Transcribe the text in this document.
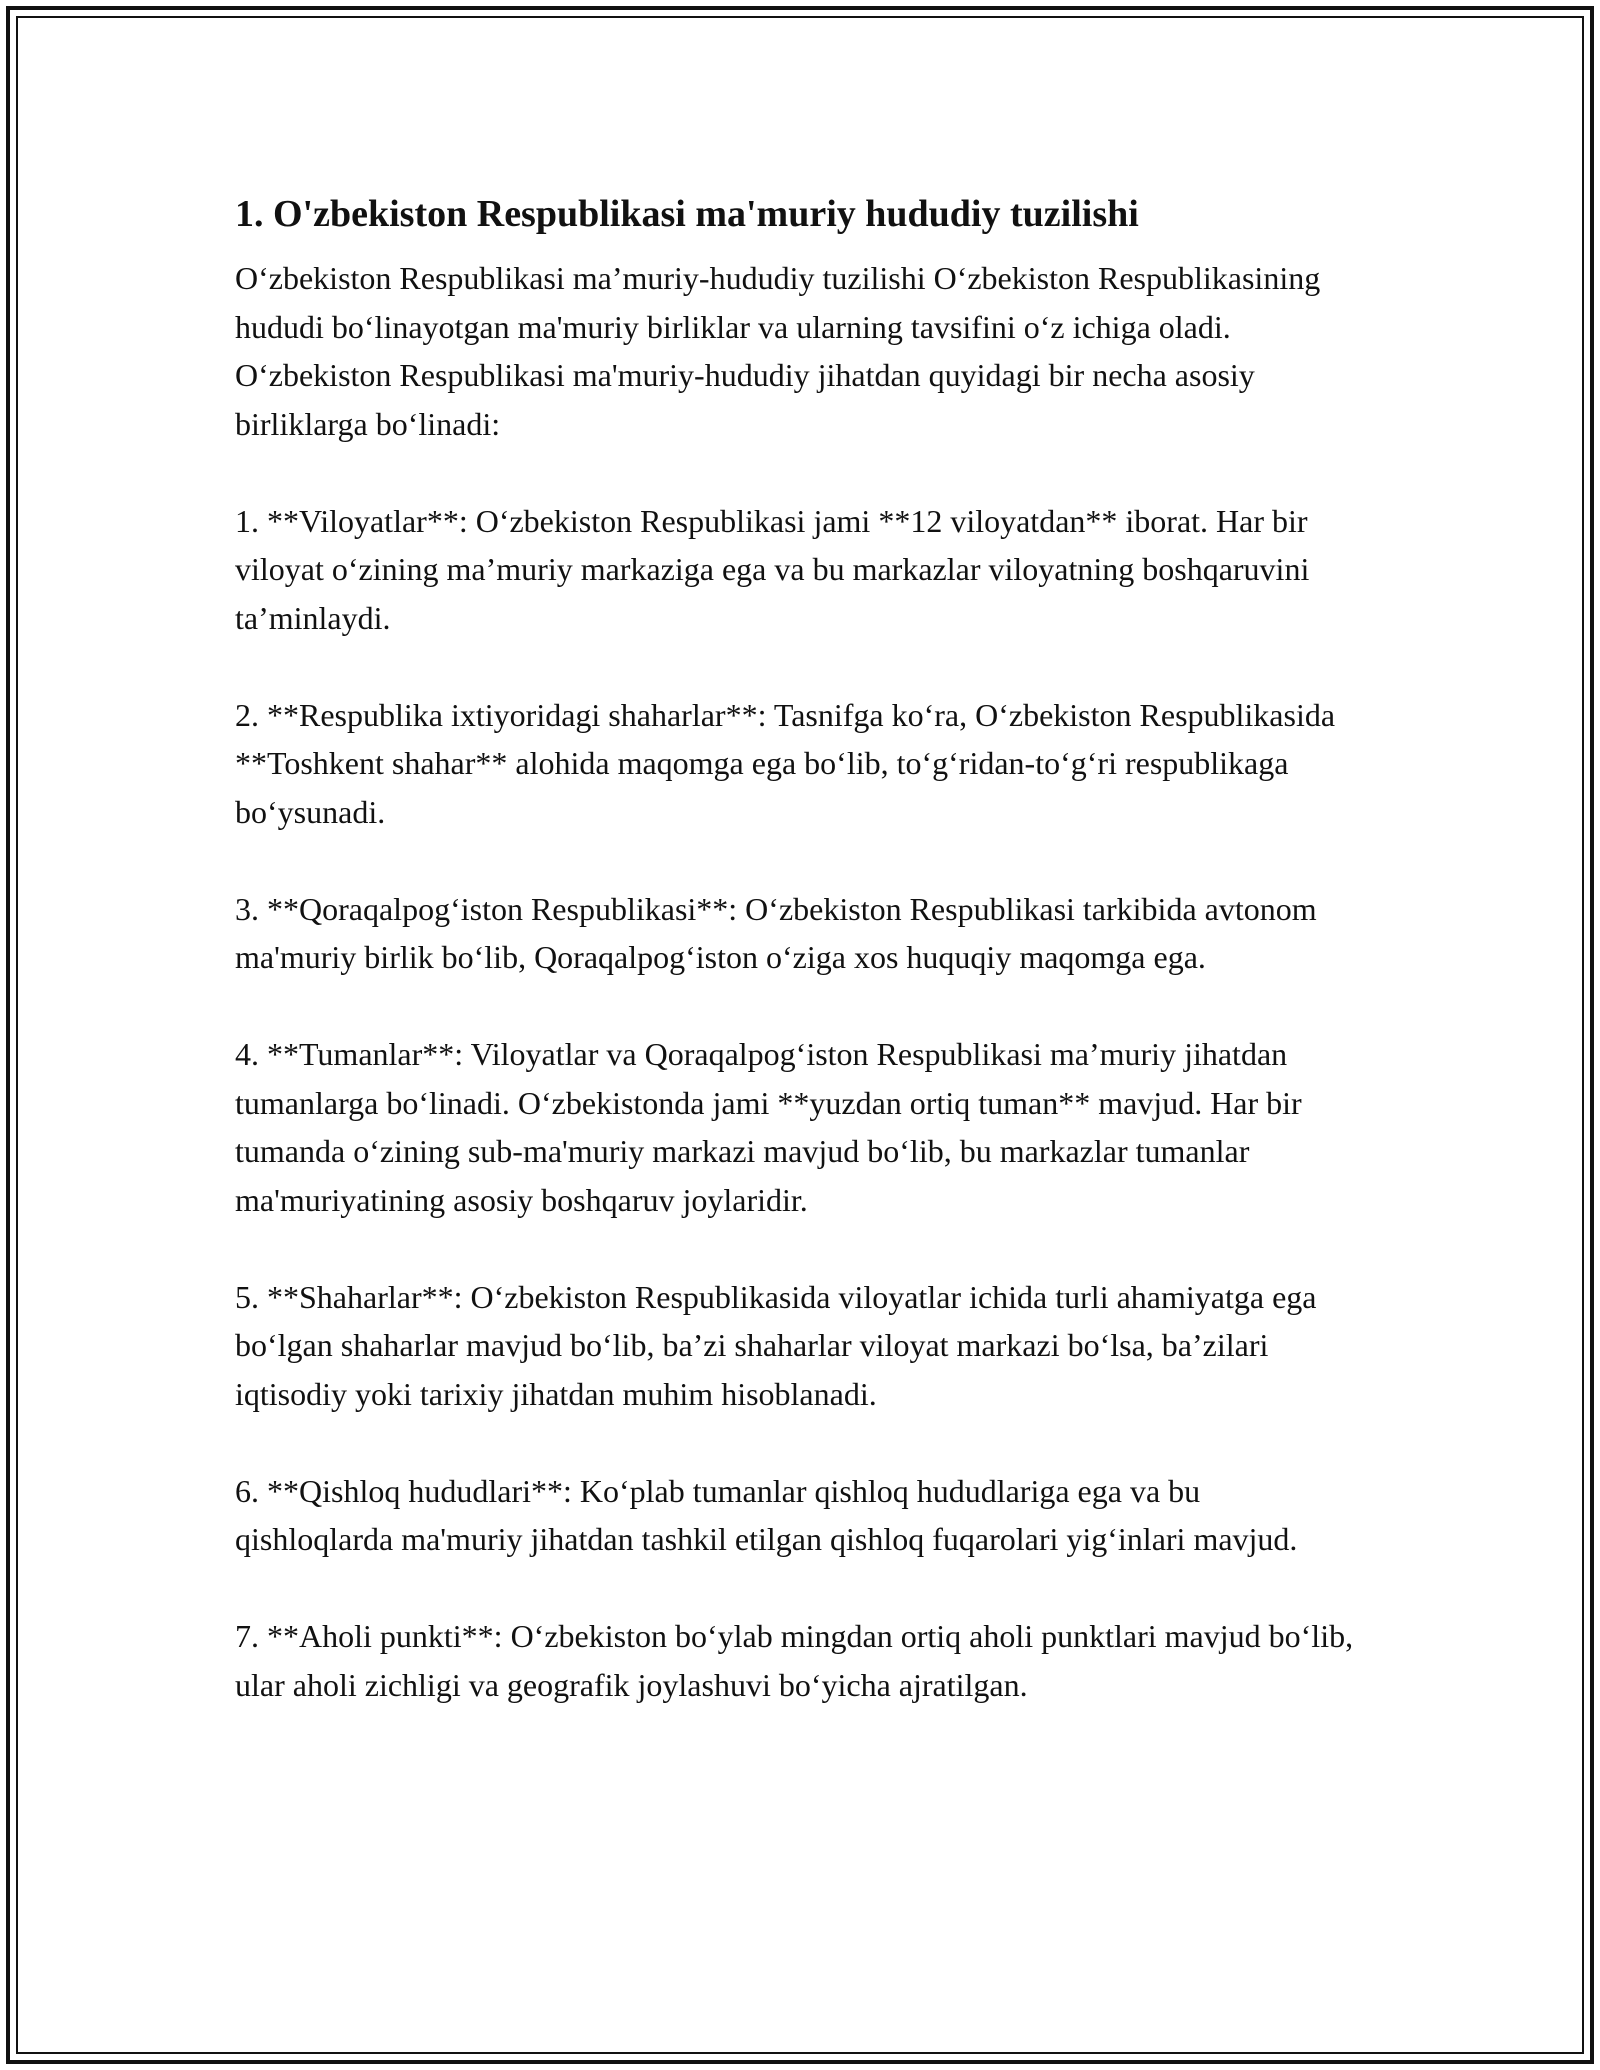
1. O'zbekiston Respublikasi ma'muriy hududiy tuzilishi

O‘zbekiston Respublikasi ma’muriy-hududiy tuzilishi O‘zbekiston Respublikasining hududi bo‘linayotgan ma'muriy birliklar va ularning tavsifini o‘z ichiga oladi. O‘zbekiston Respublikasi ma'muriy-hududiy jihatdan quyidagi bir necha asosiy birliklarga bo‘linadi:

1. **Viloyatlar**: O‘zbekiston Respublikasi jami **12 viloyatdan** iborat. Har bir viloyat o‘zining ma’muriy markaziga ega va bu markazlar viloyatning boshqaruvini ta’minlaydi.

2. **Respublika ixtiyoridagi shaharlar**: Tasnifga ko‘ra, O‘zbekiston Respublikasida **Toshkent shahar** alohida maqomga ega bo‘lib, to‘g‘ridan-to‘g‘ri respublikaga bo‘ysunadi.

3. **Qoraqalpog‘iston Respublikasi**: O‘zbekiston Respublikasi tarkibida avtonom ma'muriy birlik bo‘lib, Qoraqalpog‘iston o‘ziga xos huquqiy maqomga ega.

4. **Tumanlar**: Viloyatlar va Qoraqalpog‘iston Respublikasi ma’muriy jihatdan tumanlarga bo‘linadi. O‘zbekistonda jami **yuzdan ortiq tuman** mavjud. Har bir tumanda o‘zining sub-ma'muriy markazi mavjud bo‘lib, bu markazlar tumanlar ma'muriyatining asosiy boshqaruv joylaridir.

5. **Shaharlar**: O‘zbekiston Respublikasida viloyatlar ichida turli ahamiyatga ega bo‘lgan shaharlar mavjud bo‘lib, ba’zi shaharlar viloyat markazi bo‘lsa, ba’zilari iqtisodiy yoki tarixiy jihatdan muhim hisoblanadi.

6. **Qishloq hududlari**: Ko‘plab tumanlar qishloq hududlariga ega va bu qishloqlarda ma'muriy jihatdan tashkil etilgan qishloq fuqarolari yig‘inlari mavjud.

7. **Aholi punkti**: O‘zbekiston bo‘ylab mingdan ortiq aholi punktlari mavjud bo‘lib, ular aholi zichligi va geografik joylashuvi bo‘yicha ajratilgan.
